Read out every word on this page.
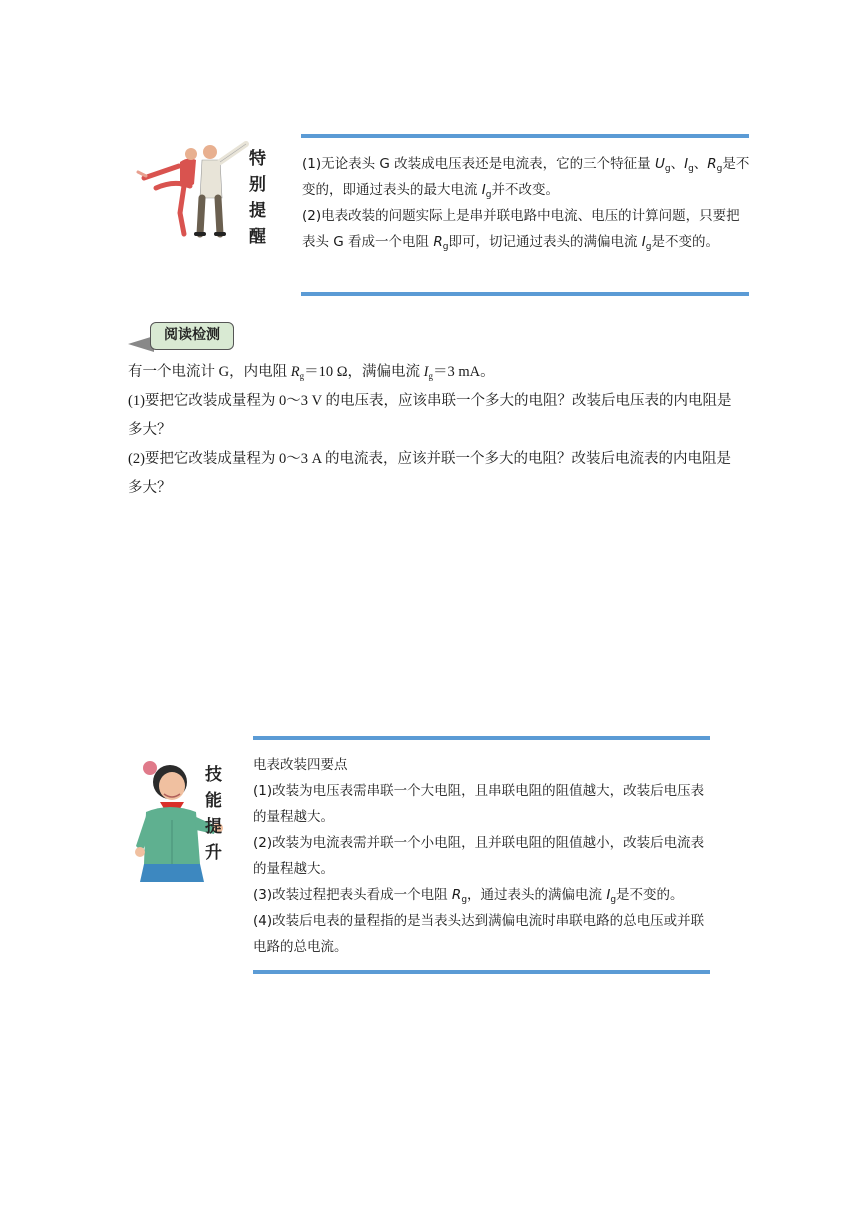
特
别
提
醒

(1)无论表头 G 改装成电压表还是电流表，它的三个特征量 $U_g$、$I_g$、$R_g$是不变的，即通过表头的最大电流 $I_g$并不改变。

(2)电表改装的问题实际上是串并联电路中电流、电压的计算问题，只要把表头 G 看成一个电阻 $R_g$即可，切记通过表头的满偏电流 $I_g$是不变的。

阅读检测

有一个电流计 G，内电阻 $R_g=10$ Ω，满偏电流 $I_g=3$ mA。

(1)要把它改装成量程为 0～3 V 的电压表，应该串联一个多大的电阻？改装后电压表的内电阻是多大？

(2)要把它改装成量程为 0～3 A 的电流表，应该并联一个多大的电阻？改装后电流表的内电阻是多大？

技
能
提
升

电表改装四要点

(1)改装为电压表需串联一个大电阻，且串联电阻的阻值越大，改装后电压表的量程越大。

(2)改装为电流表需并联一个小电阻，且并联电阻的阻值越小，改装后电流表的量程越大。

(3)改装过程把表头看成一个电阻 $R_g$，通过表头的满偏电流 $I_g$是不变的。

(4)改装后电表的量程指的是当表头达到满偏电流时串联电路的总电压或并联电路的总电流。
